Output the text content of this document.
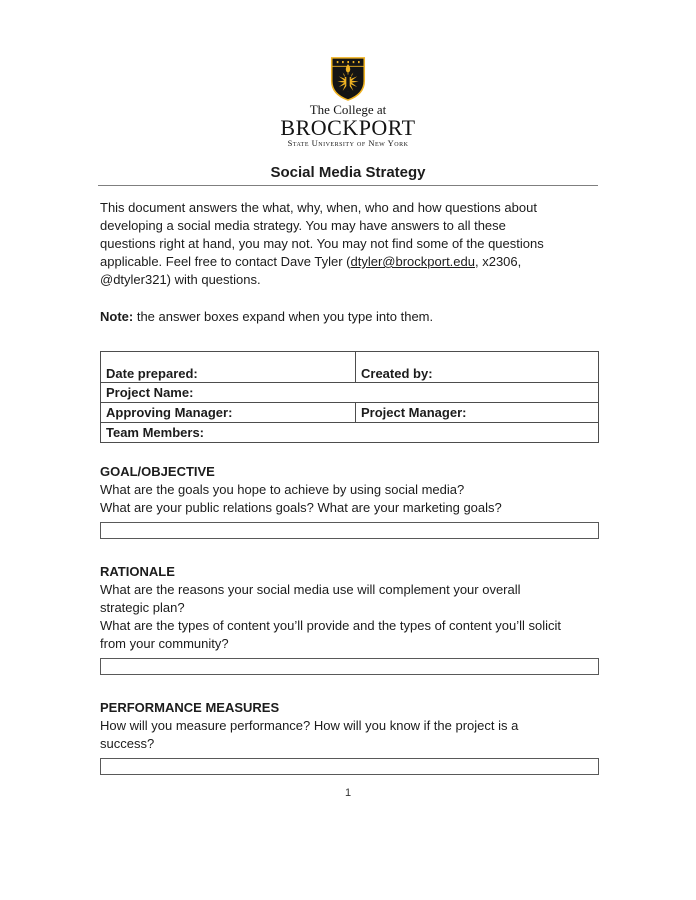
The College at
BROCKPORT
State University of New York
Social Media Strategy
This document answers the what, why, when, who and how questions about
developing a social media strategy. You may have answers to all these
questions right at hand, you may not. You may not find some of the questions
applicable. Feel free to contact Dave Tyler (dtyler@brockport.edu, x2306,
@dtyler321) with questions.
Note: the answer boxes expand when you type into them.
Date prepared:	Created by:
Project Name:	
Approving Manager:	Project Manager:
Team Members:	
GOAL/OBJECTIVE
What are the goals you hope to achieve by using social media?
What are your public relations goals? What are your marketing goals?
RATIONALE
What are the reasons your social media use will complement your overall
strategic plan?
What are the types of content you’ll provide and the types of content you’ll solicit
from your community?
PERFORMANCE MEASURES
How will you measure performance? How will you know if the project is a
success?
1
